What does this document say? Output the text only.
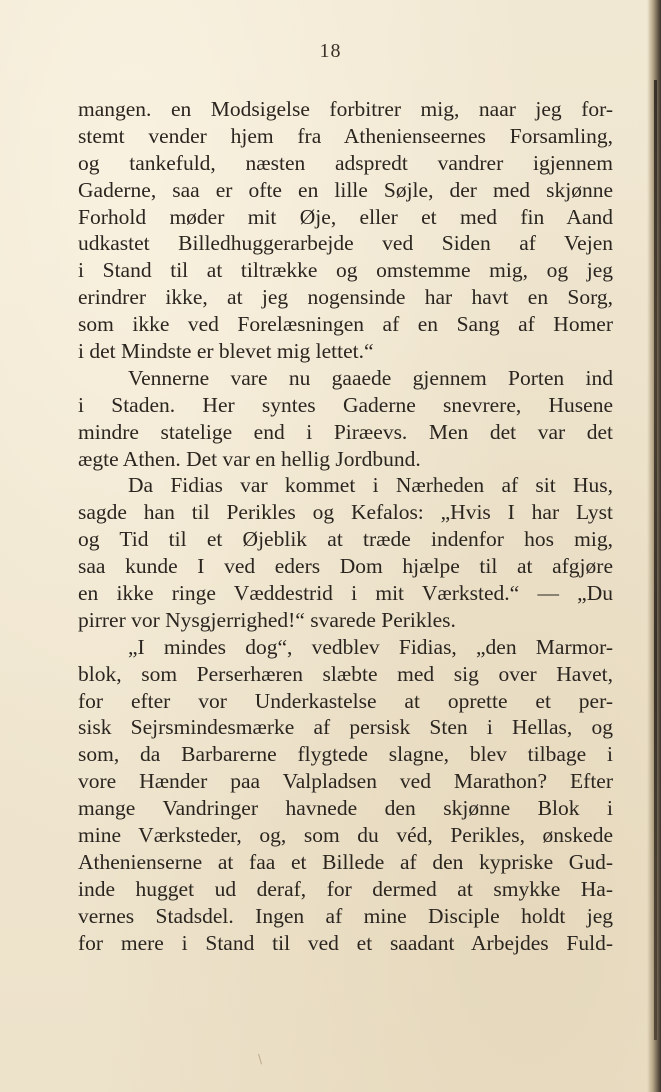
18
mangen. en Modsigelse forbitrer mig, naar jeg for-
stemt vender hjem fra Athenienseernes Forsamling,
og tankefuld, næsten adspredt vandrer igjennem
Gaderne, saa er ofte en lille Søjle, der med skjønne
Forhold møder mit Øje, eller et med fin Aand
udkastet Billedhuggerarbejde ved Siden af Vejen
i Stand til at tiltrække og omstemme mig, og jeg
erindrer ikke, at jeg nogensinde har havt en Sorg,
som ikke ved Forelæsningen af en Sang af Homer
i det Mindste er blevet mig lettet.“
Vennerne vare nu gaaede gjennem Porten ind
i Staden. Her syntes Gaderne snevrere, Husene
mindre statelige end i Piræevs. Men det var det
ægte Athen. Det var en hellig Jordbund.
Da Fidias var kommet i Nærheden af sit Hus,
sagde han til Perikles og Kefalos: „Hvis I har Lyst
og Tid til et Øjeblik at træde indenfor hos mig,
saa kunde I ved eders Dom hjælpe til at afgjøre
en ikke ringe Væddestrid i mit Værksted.“ — „Du
pirrer vor Nysgjerrighed!“ svarede Perikles.
„I mindes dog“, vedblev Fidias, „den Marmor-
blok, som Perserhæren slæbte med sig over Havet,
for efter vor Underkastelse at oprette et per-
sisk Sejrsmindesmærke af persisk Sten i Hellas, og
som, da Barbarerne flygtede slagne, blev tilbage i
vore Hænder paa Valpladsen ved Marathon? Efter
mange Vandringer havnede den skjønne Blok i
mine Værksteder, og, som du véd, Perikles, ønskede
Athenienserne at faa et Billede af den kypriske Gud-
inde hugget ud deraf, for dermed at smykke Ha-
vernes Stadsdel. Ingen af mine Disciple holdt jeg
for mere i Stand til ved et saadant Arbejdes Fuld-
\
